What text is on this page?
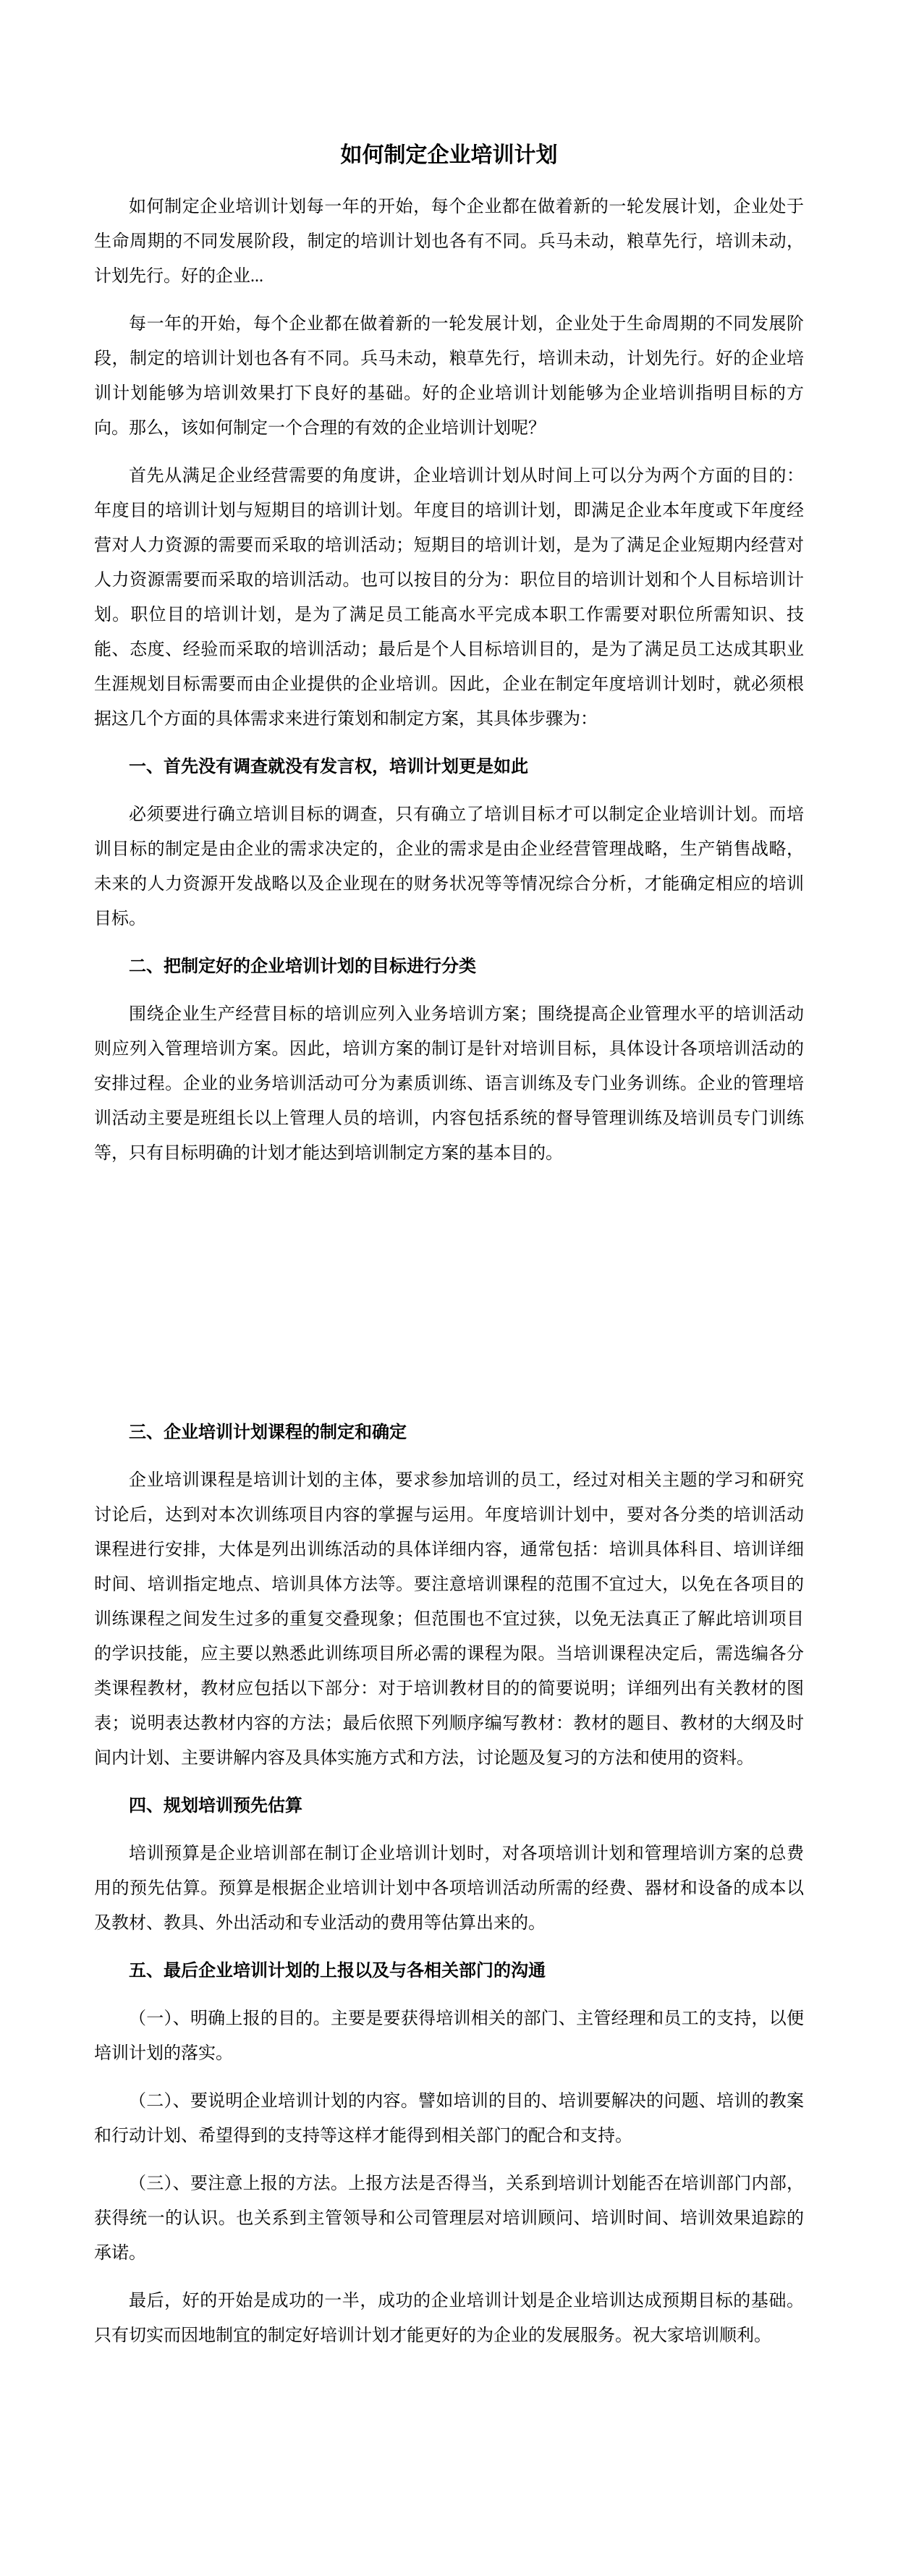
如何制定企业培训计划

如何制定企业培训计划每一年的开始，每个企业都在做着新的一轮发展计划，企业处于生命周期的不同发展阶段，制定的培训计划也各有不同。兵马未动，粮草先行，培训未动，计划先行。好的企业...

每一年的开始，每个企业都在做着新的一轮发展计划，企业处于生命周期的不同发展阶段，制定的培训计划也各有不同。兵马未动，粮草先行，培训未动，计划先行。好的企业培训计划能够为培训效果打下良好的基础。好的企业培训计划能够为企业培训指明目标的方向。那么，该如何制定一个合理的有效的企业培训计划呢？

首先从满足企业经营需要的角度讲，企业培训计划从时间上可以分为两个方面的目的：年度目的培训计划与短期目的培训计划。年度目的培训计划，即满足企业本年度或下年度经营对人力资源的需要而采取的培训活动；短期目的培训计划，是为了满足企业短期内经营对人力资源需要而采取的培训活动。也可以按目的分为：职位目的培训计划和个人目标培训计划。职位目的培训计划，是为了满足员工能高水平完成本职工作需要对职位所需知识、技能、态度、经验而采取的培训活动；最后是个人目标培训目的，是为了满足员工达成其职业生涯规划目标需要而由企业提供的企业培训。因此，企业在制定年度培训计划时，就必须根据这几个方面的具体需求来进行策划和制定方案，其具体步骤为：

一、首先没有调查就没有发言权，培训计划更是如此

必须要进行确立培训目标的调查，只有确立了培训目标才可以制定企业培训计划。而培训目标的制定是由企业的需求决定的，企业的需求是由企业经营管理战略，生产销售战略，未来的人力资源开发战略以及企业现在的财务状况等等情况综合分析，才能确定相应的培训目标。

二、把制定好的企业培训计划的目标进行分类

围绕企业生产经营目标的培训应列入业务培训方案；围绕提高企业管理水平的培训活动则应列入管理培训方案。因此，培训方案的制订是针对培训目标，具体设计各项培训活动的安排过程。企业的业务培训活动可分为素质训练、语言训练及专门业务训练。企业的管理培训活动主要是班组长以上管理人员的培训，内容包括系统的督导管理训练及培训员专门训练等，只有目标明确的计划才能达到培训制定方案的基本目的。

三、企业培训计划课程的制定和确定

企业培训课程是培训计划的主体，要求参加培训的员工，经过对相关主题的学习和研究讨论后，达到对本次训练项目内容的掌握与运用。年度培训计划中，要对各分类的培训活动课程进行安排，大体是列出训练活动的具体详细内容，通常包括：培训具体科目、培训详细时间、培训指定地点、培训具体方法等。要注意培训课程的范围不宜过大，以免在各项目的训练课程之间发生过多的重复交叠现象；但范围也不宜过狭，以免无法真正了解此培训项目的学识技能，应主要以熟悉此训练项目所必需的课程为限。当培训课程决定后，需选编各分类课程教材，教材应包括以下部分：对于培训教材目的的简要说明；详细列出有关教材的图表；说明表达教材内容的方法；最后依照下列顺序编写教材：教材的题目、教材的大纲及时间内计划、主要讲解内容及具体实施方式和方法，讨论题及复习的方法和使用的资料。

四、规划培训预先估算

培训预算是企业培训部在制订企业培训计划时，对各项培训计划和管理培训方案的总费用的预先估算。预算是根据企业培训计划中各项培训活动所需的经费、器材和设备的成本以及教材、教具、外出活动和专业活动的费用等估算出来的。

五、最后企业培训计划的上报以及与各相关部门的沟通

（一）、明确上报的目的。主要是要获得培训相关的部门、主管经理和员工的支持，以便培训计划的落实。

（二）、要说明企业培训计划的内容。譬如培训的目的、培训要解决的问题、培训的教案和行动计划、希望得到的支持等这样才能得到相关部门的配合和支持。

（三）、要注意上报的方法。上报方法是否得当，关系到培训计划能否在培训部门内部，获得统一的认识。也关系到主管领导和公司管理层对培训顾问、培训时间、培训效果追踪的承诺。

最后，好的开始是成功的一半，成功的企业培训计划是企业培训达成预期目标的基础。只有切实而因地制宜的制定好培训计划才能更好的为企业的发展服务。祝大家培训顺利。
